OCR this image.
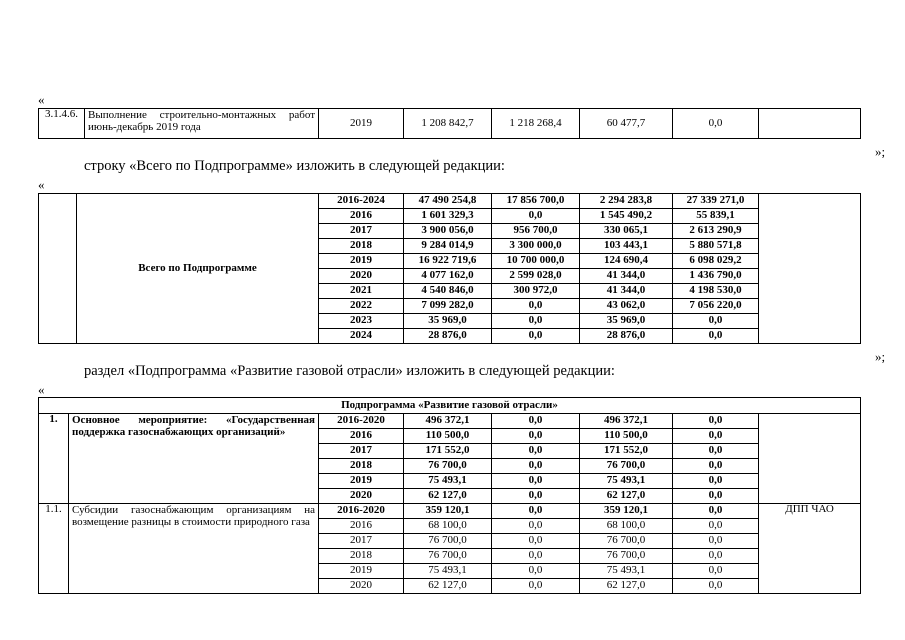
«
3.1.4.6.	Выполнение строительно-монтажных работ июнь-декабрь 2019 года	2019	1 208 842,7	1 218 268,4	60 477,7	0,0	
»;
строку «Всего по Подпрограмме» изложить в следующей редакции:
«
	Всего по Подпрограмме	2016-2024	47 490 254,8	17 856 700,0	2 294 283,8	27 339 271,0	
		2016	1 601 329,3	0,0	1 545 490,2	55 839,1	
		2017	3 900 056,0	956 700,0	330 065,1	2 613 290,9	
		2018	9 284 014,9	3 300 000,0	103 443,1	5 880 571,8	
		2019	16 922 719,6	10 700 000,0	124 690,4	6 098 029,2	
		2020	4 077 162,0	2 599 028,0	41 344,0	1 436 790,0	
		2021	4 540 846,0	300 972,0	41 344,0	4 198 530,0	
		2022	7 099 282,0	0,0	43 062,0	7 056 220,0	
		2023	35 969,0	0,0	35 969,0	0,0	
		2024	28 876,0	0,0	28 876,0	0,0	
»;
раздел «Подпрограмма «Развитие газовой отрасли» изложить в следующей редакции:
«
Подпрограмма «Развитие газовой отрасли»							
1.	Основное мероприятие: «Государственная поддержка газоснабжающих организаций»	2016-2020	496 372,1	0,0	496 372,1	0,0	
		2016	110 500,0	0,0	110 500,0	0,0	
		2017	171 552,0	0,0	171 552,0	0,0	
		2018	76 700,0	0,0	76 700,0	0,0	
		2019	75 493,1	0,0	75 493,1	0,0	
		2020	62 127,0	0,0	62 127,0	0,0	
1.1.	Субсидии газоснабжающим организациям на возмещение разницы в стоимости природного газа	2016-2020	359 120,1	0,0	359 120,1	0,0	ДПП ЧАО
		2016	68 100,0	0,0	68 100,0	0,0	
		2017	76 700,0	0,0	76 700,0	0,0	
		2018	76 700,0	0,0	76 700,0	0,0	
		2019	75 493,1	0,0	75 493,1	0,0	
		2020	62 127,0	0,0	62 127,0	0,0	
